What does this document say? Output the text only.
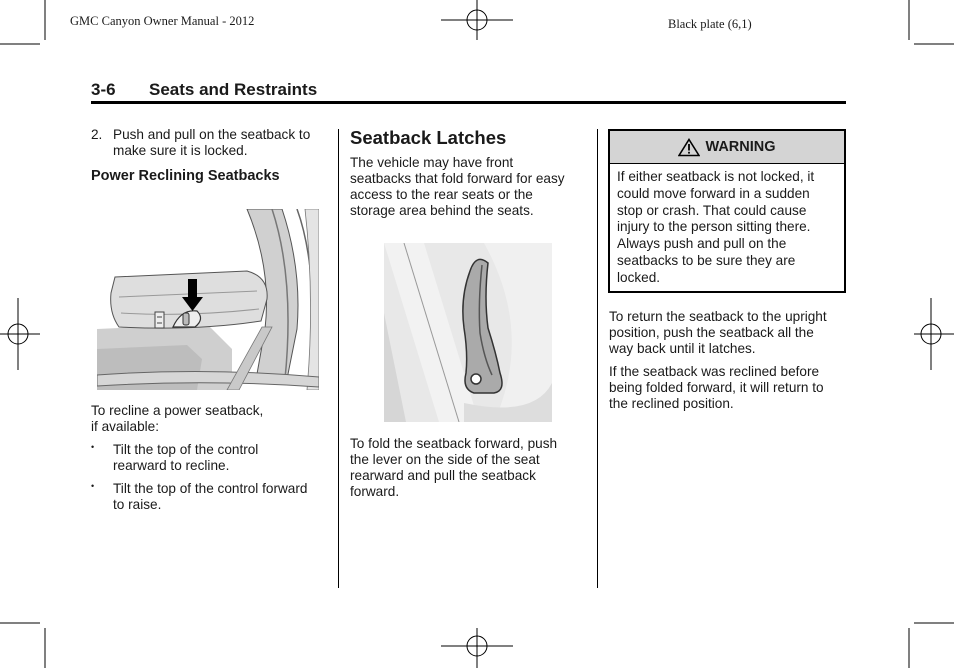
GMC Canyon Owner Manual - 2012	Black plate (6,1)
3-6 Seats and Restraints
2. Push and pull on the seatback to
make sure it is locked.
Power Reclining Seatbacks
To recline a power seatback,
if available:
• Tilt the top of the control
rearward to recline.
• Tilt the top of the control forward
to raise.
Seatback Latches
The vehicle may have front
seatbacks that fold forward for easy
access to the rear seats or the
storage area behind the seats.
To fold the seatback forward, push
the lever on the side of the seat
rearward and pull the seatback
forward.
WARNING
If either seatback is not locked, it
could move forward in a sudden
stop or crash. That could cause
injury to the person sitting there.
Always push and pull on the
seatbacks to be sure they are
locked.
To return the seatback to the upright
position, push the seatback all the
way back until it latches.
If the seatback was reclined before
being folded forward, it will return to
the reclined position.
